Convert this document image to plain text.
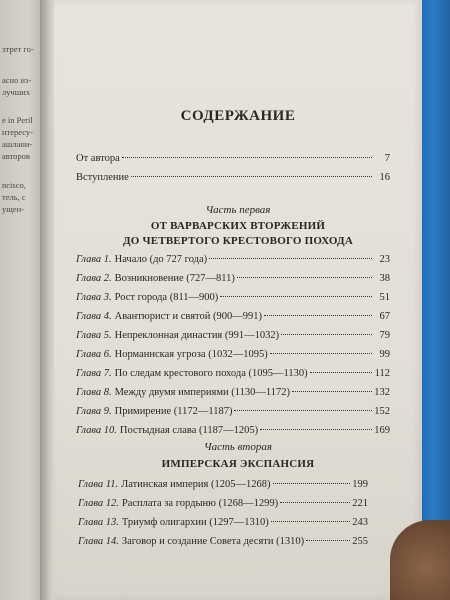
этрет го-
асно из-
лучших
e in Peril
нтересу-
ашлани-
авторов
ncisco,
тель, с
ущен-
СОДЕРЖАНИЕ
От автора	7
Вступление	16
Часть первая
ОТ ВАРВАРСКИХ ВТОРЖЕНИЙ
ДО ЧЕТВЕРТОГО КРЕСТОВОГО ПОХОДА
Глава 1. Начало (до 727 года)	23
Глава 2. Возникновение (727—811)	38
Глава 3. Рост города (811—900)	51
Глава 4. Авантюрист и святой (900—991)	67
Глава 5. Непреклонная династия (991—1032)	79
Глава 6. Норманнская угроза (1032—1095)	99
Глава 7. По следам крестового похода (1095—1130)	112
Глава 8. Между двумя империями (1130—1172)	132
Глава 9. Примирение (1172—1187)	152
Глава 10. Постыдная слава (1187—1205)	169
Часть вторая
ИМПЕРСКАЯ ЭКСПАНСИЯ
Глава 11. Латинская империя (1205—1268)	199
Глава 12. Расплата за гордыню (1268—1299)	221
Глава 13. Триумф олигархии (1297—1310)	243
Глава 14. Заговор и создание Совета десяти (1310)	255
